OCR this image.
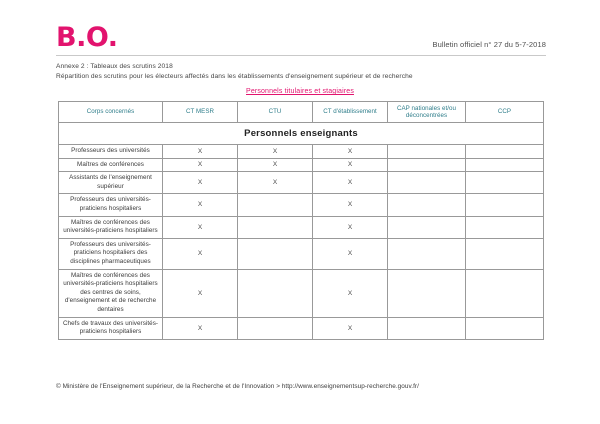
B.O.	Bulletin officiel n° 27 du 5-7-2018
Annexe 2 : Tableaux des scrutins 2018
Répartition des scrutins pour les électeurs affectés dans les établissements d'enseignement supérieur et de recherche
Personnels titulaires et stagiaires
Corps concernés	CT MESR	CTU	CT d'établissement	CAP nationales et/ou déconcentrées	CCP
Personnels enseignants					
Professeurs des universités	X	X	X		
Maîtres de conférences	X	X	X		
Assistants de l'enseignement supérieur	X	X	X		
Professeurs des universités-praticiens hospitaliers	X		X		
Maîtres de conférences des universités-praticiens hospitaliers	X		X		
Professeurs des universités-praticiens hospitaliers des disciplines pharmaceutiques	X		X		
Maîtres de conférences des universités-praticiens hospitaliers des centres de soins, d'enseignement et de recherche dentaires	X		X		
Chefs de travaux des universités-praticiens hospitaliers	X		X		
© Ministère de l'Enseignement supérieur, de la Recherche et de l'Innovation > http://www.enseignementsup-recherche.gouv.fr/
